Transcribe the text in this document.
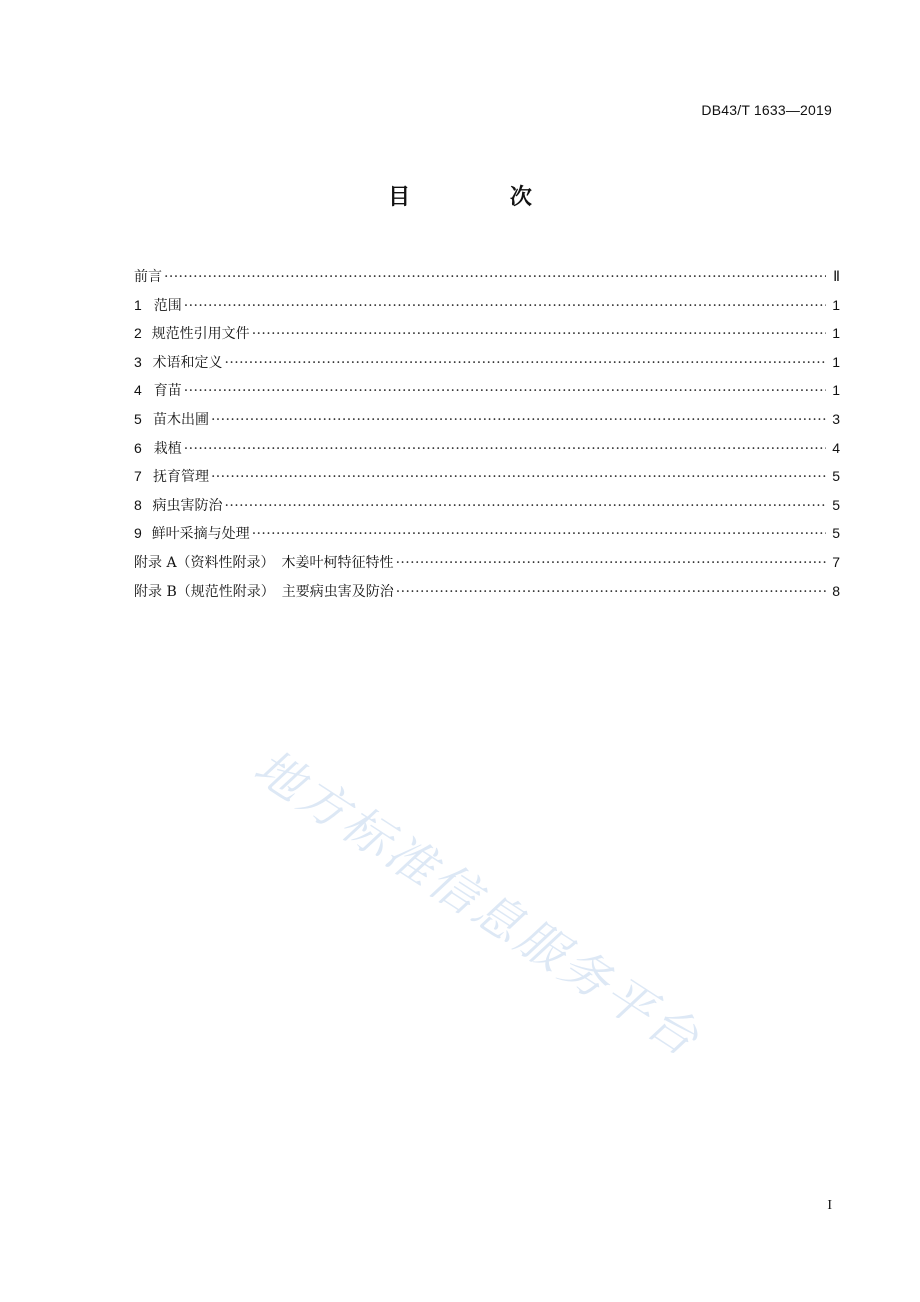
DB43/T 1633—2019
目 次
前言 ·····	Ⅱ
1 范围 ·····	1
2 规范性引用文件 ·····	1
3 术语和定义 ·····	1
4 育苗 ·····	1
5 苗木出圃 ·····	3
6 栽植 ·····	4
7 抚育管理 ·····	5
8 病虫害防治 ·····	5
9 鲜叶采摘与处理 ·····	5
附录 A（资料性附录）　木姜叶柯特征特性 ·····	7
附录 B（规范性附录）　主要病虫害及防治 ·····	8
地方标准信息服务平台
I
